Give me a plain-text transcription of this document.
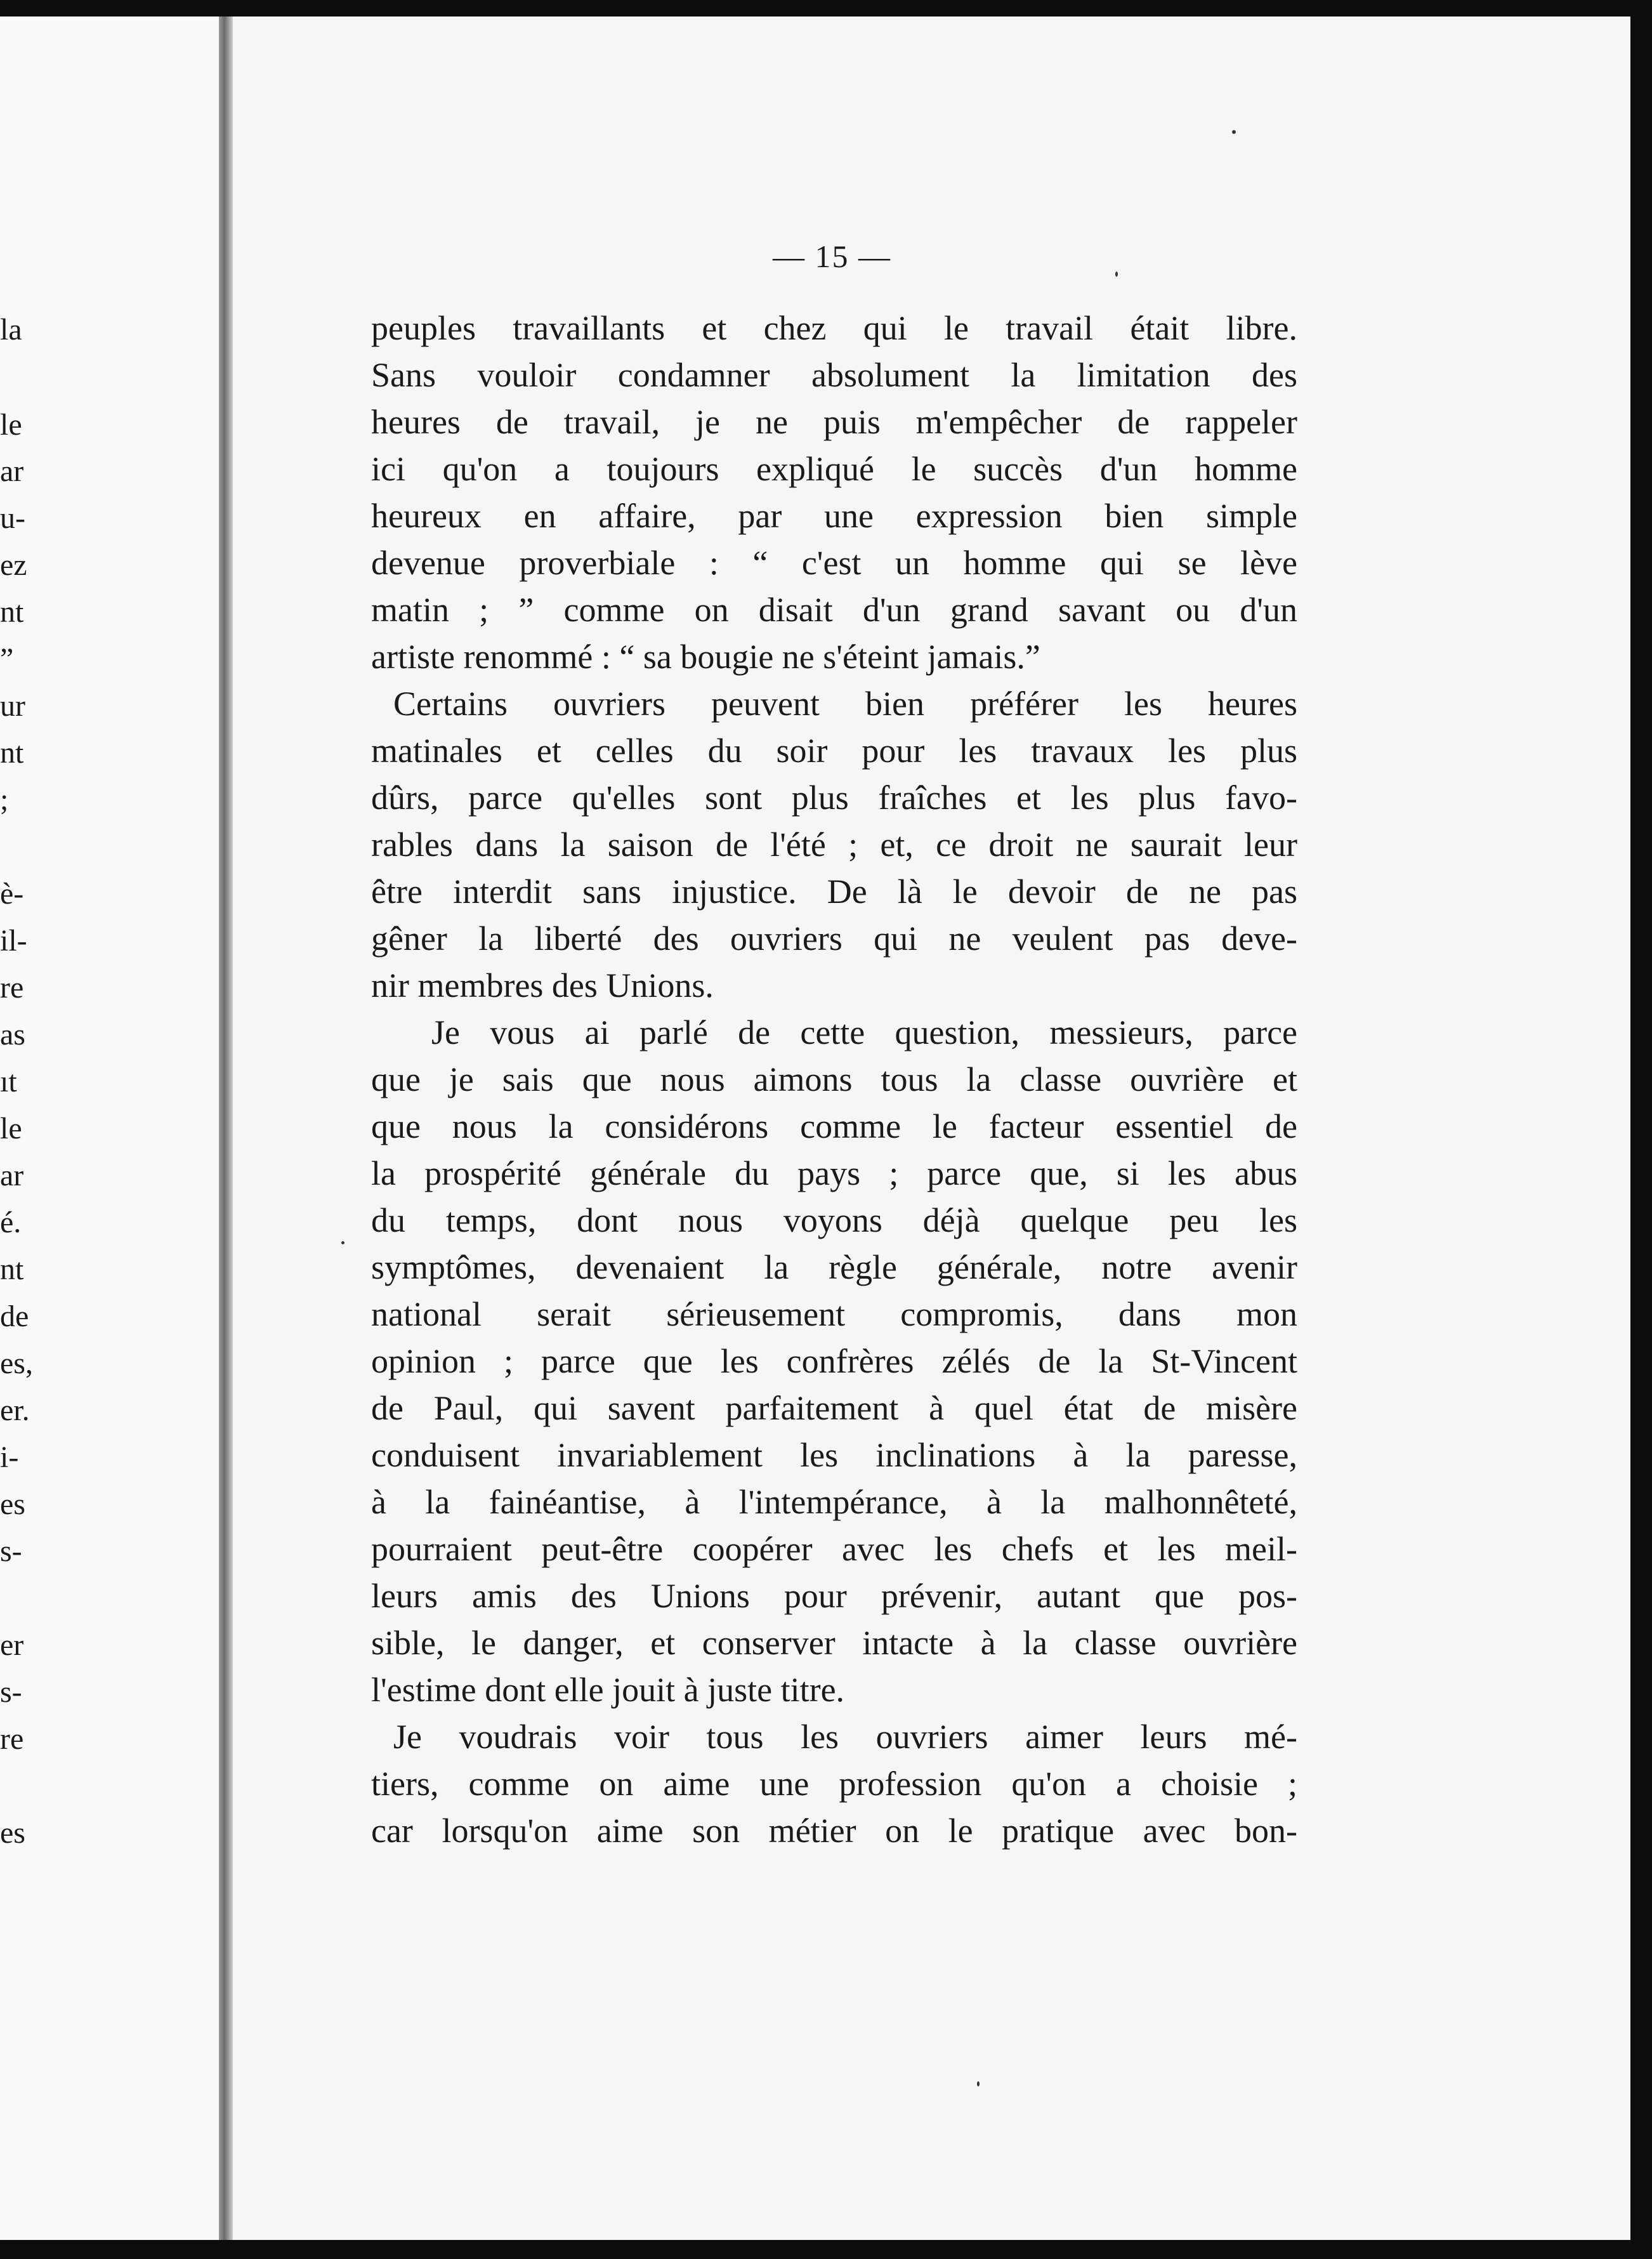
la
le
ar
u-
ez
nt
”
ur
nt
;
è-
il-
re
as
ıt
le
ar
é.
nt
de
es,
er.
i-
es
s-
er
s-
re
es
— 15 —
peuples travaillants et chez qui le travail était libre.
Sans vouloir condamner absolument la limitation des
heures de travail, je ne puis m'empêcher de rappeler
ici qu'on a toujours expliqué le succès d'un homme
heureux en affaire, par une expression bien simple
devenue proverbiale : “ c'est un homme qui se lève
matin ; ” comme on disait d'un grand savant ou d'un
artiste renommé : “ sa bougie ne s'éteint jamais.”
Certains ouvriers peuvent bien préférer les heures
matinales et celles du soir pour les travaux les plus
dûrs, parce qu'elles sont plus fraîches et les plus favo-
rables dans la saison de l'été ; et, ce droit ne saurait leur
être interdit sans injustice. De là le devoir de ne pas
gêner la liberté des ouvriers qui ne veulent pas deve-
nir membres des Unions.
Je vous ai parlé de cette question, messieurs, parce
que je sais que nous aimons tous la classe ouvrière et
que nous la considérons comme le facteur essentiel de
la prospérité générale du pays ; parce que, si les abus
du temps, dont nous voyons déjà quelque peu les
symptômes, devenaient la règle générale, notre avenir
national serait sérieusement compromis, dans mon
opinion ; parce que les confrères zélés de la St-Vincent
de Paul, qui savent parfaitement à quel état de misère
conduisent invariablement les inclinations à la paresse,
à la fainéantise, à l'intempérance, à la malhonnêteté,
pourraient peut-être coopérer avec les chefs et les meil-
leurs amis des Unions pour prévenir, autant que pos-
sible, le danger, et conserver intacte à la classe ouvrière
l'estime dont elle jouit à juste titre.
Je voudrais voir tous les ouvriers aimer leurs mé-
tiers, comme on aime une profession qu'on a choisie ;
car lorsqu'on aime son métier on le pratique avec bon-
